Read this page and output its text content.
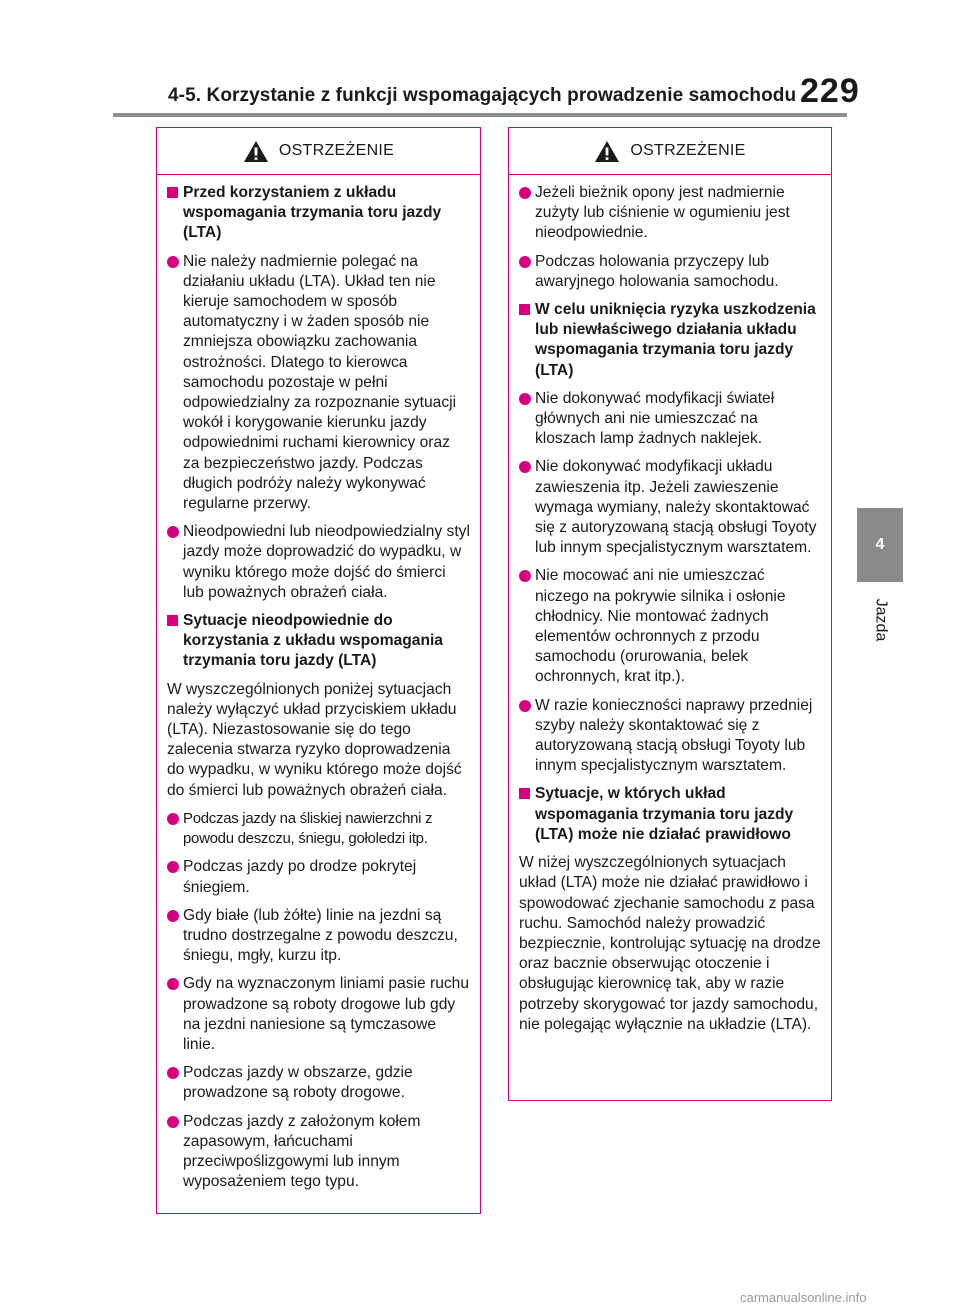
4-5. Korzystanie z funkcji wspomagających prowadzenie samochodu 229
4
Jazda
OSTRZEŻENIE
Przed korzystaniem z układu wspomagania trzymania toru jazdy (LTA)
Nie należy nadmiernie polegać na działaniu układu (LTA). Układ ten nie kieruje samochodem w sposób automatyczny i w żaden sposób nie zmniejsza obowiązku zachowania ostrożności. Dlatego to kierowca samochodu pozostaje w pełni odpowiedzialny za rozpoznanie sytuacji wokół i korygowanie kierunku jazdy odpowiednimi ruchami kierownicy oraz za bezpieczeństwo jazdy. Podczas długich podróży należy wykonywać regularne przerwy.
Nieodpowiedni lub nieodpowiedzialny styl jazdy może doprowadzić do wypadku, w wyniku którego może dojść do śmierci lub poważnych obrażeń ciała.
Sytuacje nieodpowiednie do korzystania z układu wspomagania trzymania toru jazdy (LTA)
W wyszczególnionych poniżej sytuacjach należy wyłączyć układ przyciskiem układu (LTA). Niezastosowanie się do tego zalecenia stwarza ryzyko doprowadzenia do wypadku, w wyniku którego może dojść do śmierci lub poważnych obrażeń ciała.
Podczas jazdy na śliskiej nawierzchni z powodu deszczu, śniegu, gołoledzi itp.
Podczas jazdy po drodze pokrytej śniegiem.
Gdy białe (lub żółte) linie na jezdni są trudno dostrzegalne z powodu deszczu, śniegu, mgły, kurzu itp.
Gdy na wyznaczonym liniami pasie ruchu prowadzone są roboty drogowe lub gdy na jezdni naniesione są tymczasowe linie.
Podczas jazdy w obszarze, gdzie prowadzone są roboty drogowe.
Podczas jazdy z założonym kołem zapasowym, łańcuchami przeciwpoślizgowymi lub innym wyposażeniem tego typu.
OSTRZEŻENIE
Jeżeli bieżnik opony jest nadmiernie zużyty lub ciśnienie w ogumieniu jest nieodpowiednie.
Podczas holowania przyczepy lub awaryjnego holowania samochodu.
W celu uniknięcia ryzyka uszkodzenia lub niewłaściwego działania układu wspomagania trzymania toru jazdy (LTA)
Nie dokonywać modyfikacji świateł głównych ani nie umieszczać na kloszach lamp żadnych naklejek.
Nie dokonywać modyfikacji układu zawieszenia itp. Jeżeli zawieszenie wymaga wymiany, należy skontaktować się z autoryzowaną stacją obsługi Toyoty lub innym specjalistycznym warsztatem.
Nie mocować ani nie umieszczać niczego na pokrywie silnika i osłonie chłodnicy. Nie montować żadnych elementów ochronnych z przodu samochodu (orurowania, belek ochronnych, krat itp.).
W razie konieczności naprawy przedniej szyby należy skontaktować się z autoryzowaną stacją obsługi Toyoty lub innym specjalistycznym warsztatem.
Sytuacje, w których układ wspomagania trzymania toru jazdy (LTA) może nie działać prawidłowo
W niżej wyszczególnionych sytuacjach układ (LTA) może nie działać prawidłowo i spowodować zjechanie samochodu z pasa ruchu. Samochód należy prowadzić bezpiecznie, kontrolując sytuację na drodze oraz bacznie obserwując otoczenie i obsługując kierownicę tak, aby w razie potrzeby skorygować tor jazdy samochodu, nie polegając wyłącznie na układzie (LTA).
carmanualsonline.info
